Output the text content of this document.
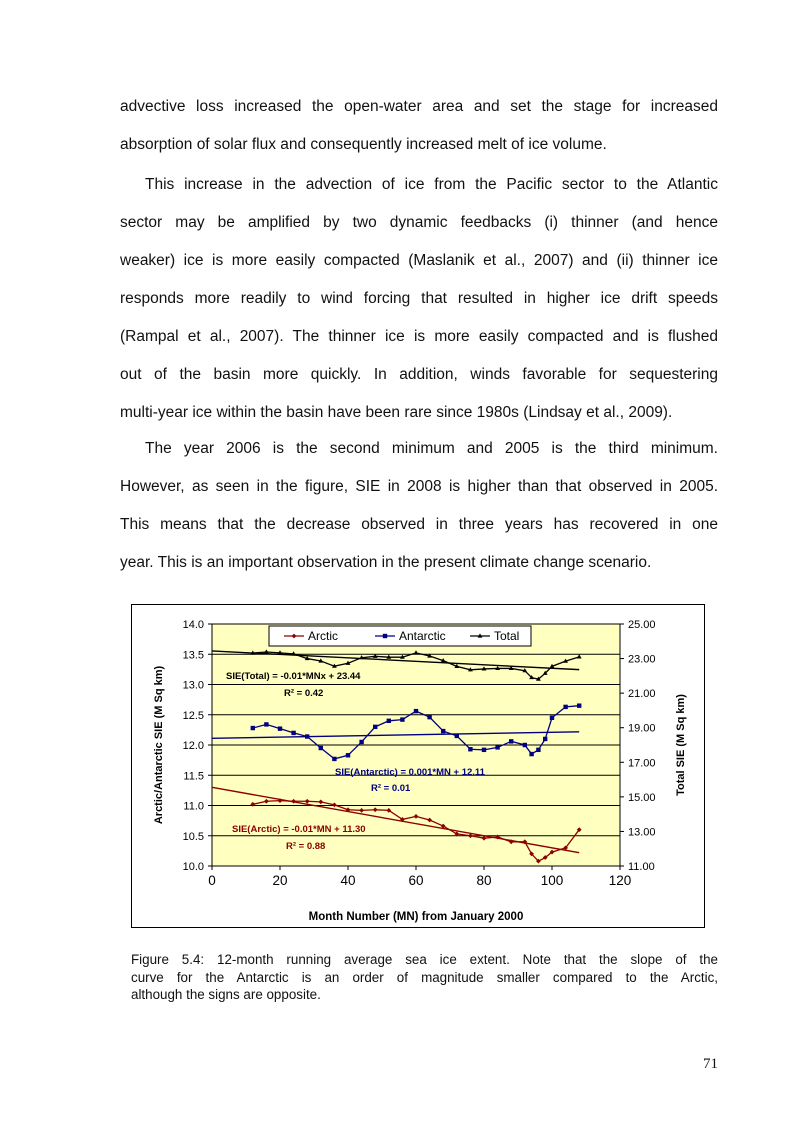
advective loss increased the open-water area and set the stage for increased
absorption of solar flux and consequently increased melt of ice volume.
This increase in the advection of ice from the Pacific sector to the Atlantic
sector may be amplified by two dynamic feedbacks (i) thinner (and hence
weaker) ice is more easily compacted (Maslanik et al., 2007) and (ii) thinner ice
responds more readily to wind forcing that resulted in higher ice drift speeds
(Rampal et al., 2007). The thinner ice is more easily compacted and is flushed
out of the basin more quickly. In addition, winds favorable for sequestering
multi-year ice within the basin have been rare since 1980s (Lindsay et al., 2009).
The year 2006 is the second minimum and 2005 is the third minimum.
However, as seen in the figure, SIE in 2008 is higher than that observed in 2005.
This means that the decrease observed in three years has recovered in one
year. This is an important observation in the present climate change scenario.
10.0
10.5
11.0
11.5
12.0
12.5
13.0
13.5
14.0
11.00
13.00
15.00
17.00
19.00
21.00
23.00
25.00
0	20	40	60	80	100	120
Month Number (MN) from January 2000
Arctic/Antarctic SIE (M Sq km)	Total SIE (M Sq km)
SIE(Arctic) = -0.01*MN + 11.30
R² = 0.88
SIE(Antarctic) = 0.001*MN + 12.11
R² = 0.01
SIE(Total) = -0.01*MNx + 23.44
R² = 0.42
Arctic	Antarctic	Total
Figure 5.4: 12-month running average sea ice extent. Note that the slope of the
curve for the Antarctic is an order of magnitude smaller compared to the Arctic,
although the signs are opposite.
71
